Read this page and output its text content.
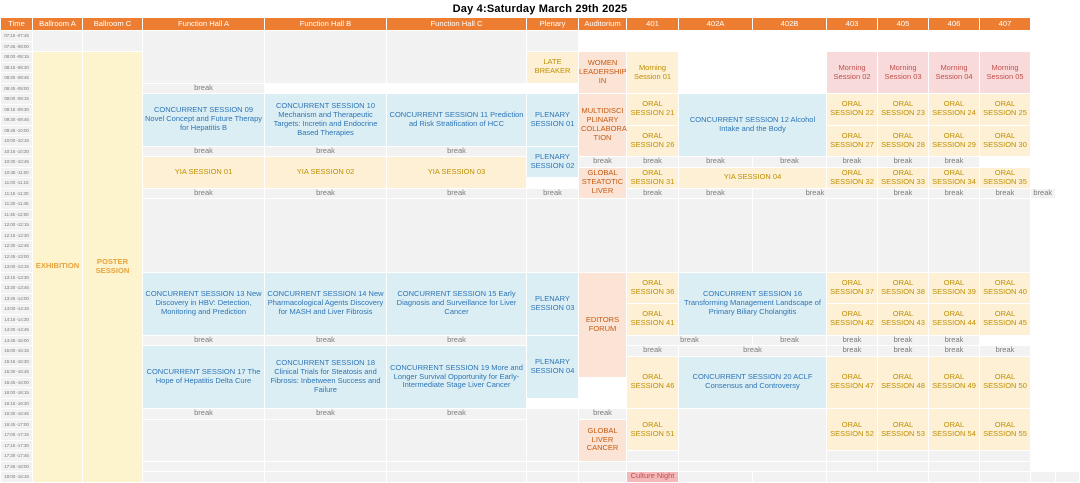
Day 4:Saturday March 29th 2025
Time	Ballroom A	Ballroom C	Function Hall A	Function Hall B	Function Hall C	Plenary	Auditorium	401	402A	402B	403	405	406	407		
07:15 -07:45																
07:45 -08:00																
08:00 -08:15	EXHIBITION	POSTER SESSION				LATE BREAKER	WOMEN LEADERSHIP IN	Morning Session 01			Morning Session 02	Morning Session 03	Morning Session 04	Morning Session 05		
08:15 -08:30																
08:30 -08:45																
08:45 -09:00			break													
09:00 -09:15			CONCURRENT SESSION 09 Novel Concept and Future Therapy for Hepatitis B	CONCURRENT SESSION 10 Mechanism and Therapeutic Targets: Incretin and Endocrine Based Therapies	CONCURRENT SESSION 11 Prediction ad Risk Stratification of HCC	PLENARY SESSION 01	MULTIDISCI PLINARY COLLABORA TION	ORAL SESSION 21	CONCURRENT SESSION 12 Alcohol Intake and the Body		ORAL SESSION 22	ORAL SESSION 23	ORAL SESSION 24	ORAL SESSION 25		
09:15 -09:30																
09:30 -09:45																
09:45 -10:00								ORAL SESSION 26			ORAL SESSION 27	ORAL SESSION 28	ORAL SESSION 29	ORAL SESSION 30		
10:00 -10:15																
10:15 -10:30			break	break	break	PLENARY SESSION 02										
10:30 -10:45			YIA SESSION 01	YIA SESSION 02	YIA SESSION 03		break	break	break	break	break	break	break			
10:45 -11:00							GLOBAL STEATOTIC LIVER	ORAL SESSION 31	YIA SESSION 04		ORAL SESSION 32	ORAL SESSION 33	ORAL SESSION 34	ORAL SESSION 35		
11:00 -11:15																
11:15 -11:30			break	break	break	break		break	break	break		break	break	break	break	
11:30 -11:45																
11:45 -12:00																
12:00 -12:15																
12:15 -12:30																
12:30 -12:45																
12:45 -13:00																
13:00 -13:15																
13:15 -13:30			CONCURRENT SESSION 13 New Discovery in HBV: Detection, Monitoring and Prediction	CONCURRENT SESSION 14 New Pharmacological Agents Discovery for MASH and Liver Fibrosis	CONCURRENT SESSION 15 Early Diagnosis and Surveillance for Liver Cancer	PLENARY SESSION 03	EDITORS FORUM	ORAL SESSION 36	CONCURRENT SESSION 16 Transforming Management Landscape of Primary Biliary Cholangitis		ORAL SESSION 37	ORAL SESSION 38	ORAL SESSION 39	ORAL SESSION 40		
13:30 -13:45																
13:45 -14:00																
14:00 -14:15								ORAL SESSION 41			ORAL SESSION 42	ORAL SESSION 43	ORAL SESSION 44	ORAL SESSION 45		
14:15 -14:30																
14:30 -14:45																
14:45 -15:00			break	break	break	PLENARY SESSION 04		break		break	break	break	break			
15:00 -15:15			CONCURRENT SESSION 17 The Hope of Hepatitis Delta Cure	CONCURRENT SESSION 18 Clinical Trials for Steatosis and Fibrosis: Inbetween Success and Failure	CONCURRENT SESSION 19 More and Longer Survival Opportunity for Early-Intermediate Stage Liver Cancer			break	break		break	break	break	break		
15:15 -15:30								ORAL SESSION 46	CONCURRENT SESSION 20 ACLF Consensus and Controversy		ORAL SESSION 47	ORAL SESSION 48	ORAL SESSION 49	ORAL SESSION 50		
15:30 -15:45																
15:45 -16:00																
16:00 -16:15																
16:15 -16:30																
16:30 -16:45			break	break	break		break	ORAL SESSION 51			ORAL SESSION 52	ORAL SESSION 53	ORAL SESSION 54	ORAL SESSION 55		
16:45 -17:00							GLOBAL LIVER CANCER									
17:00 -17:15																
17:15 -17:30																
17:30 -17:45																
17:45 -18:00																
18:00 -18:15								Culture Night								
